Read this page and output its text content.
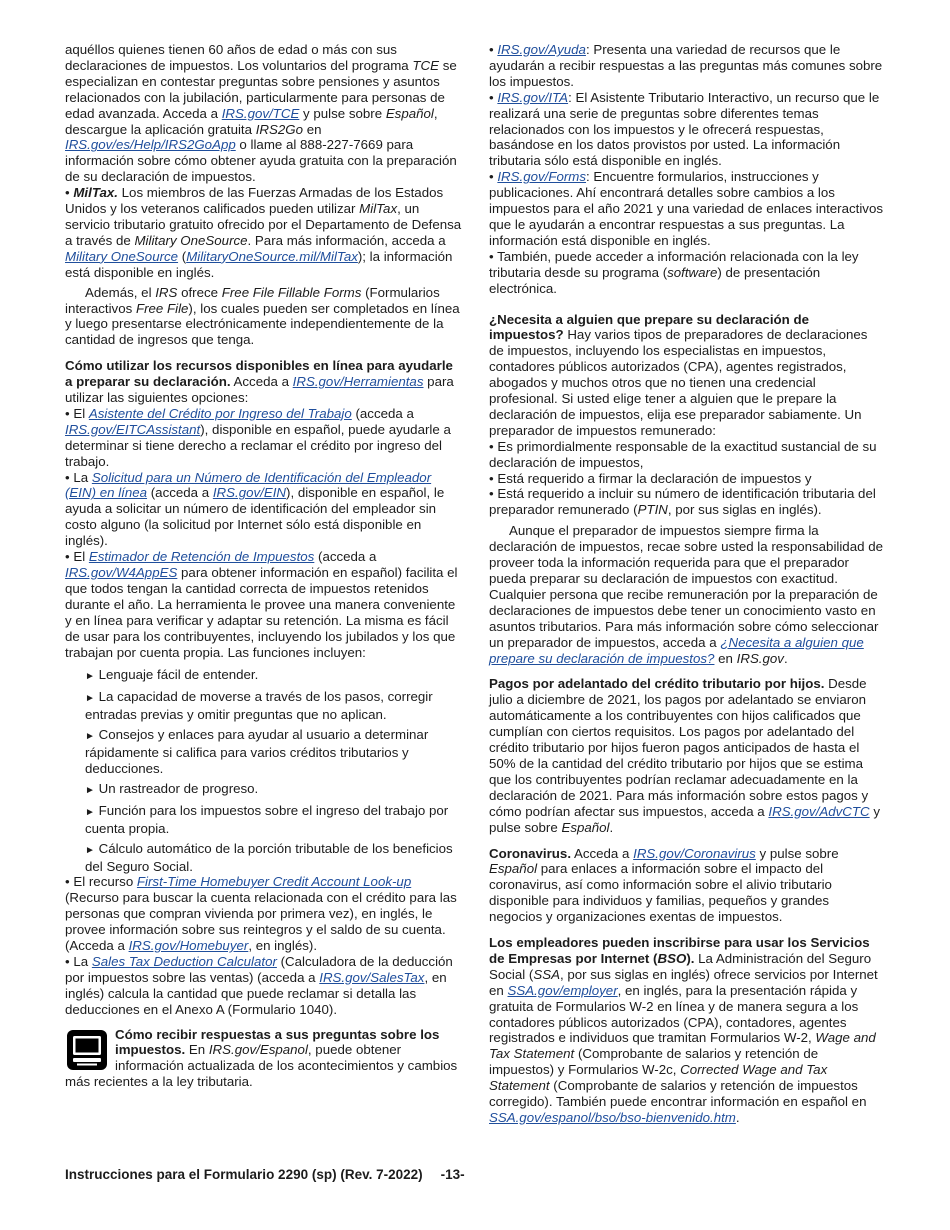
aquéllos quienes tienen 60 años de edad o más con sus declaraciones de impuestos. Los voluntarios del programa TCE se especializan en contestar preguntas sobre pensiones y asuntos relacionados con la jubilación, particularmente para personas de edad avanzada. Acceda a IRS.gov/TCE y pulse sobre Español, descargue la aplicación gratuita IRS2Go en IRS.gov/es/Help/IRS2GoApp o llame al 888-227-7669 para información sobre cómo obtener ayuda gratuita con la preparación de su declaración de impuestos.

• MilTax. Los miembros de las Fuerzas Armadas de los Estados Unidos y los veteranos calificados pueden utilizar MilTax, un servicio tributario gratuito ofrecido por el Departamento de Defensa a través de Military OneSource. Para más información, acceda a Military OneSource (MilitaryOneSource.mil/MilTax); la información está disponible en inglés.

Además, el IRS ofrece Free File Fillable Forms (Formularios interactivos Free File), los cuales pueden ser completados en línea y luego presentarse electrónicamente independientemente de la cantidad de ingresos que tenga.

Cómo utilizar los recursos disponibles en línea para ayudarle a preparar su declaración. Acceda a IRS.gov/Herramientas para utilizar las siguientes opciones:

• El Asistente del Crédito por Ingreso del Trabajo (acceda a IRS.gov/EITCAssistant), disponible en español, puede ayudarle a determinar si tiene derecho a reclamar el crédito por ingreso del trabajo.

• La Solicitud para un Número de Identificación del Empleador (EIN) en línea (acceda a IRS.gov/EIN), disponible en español, le ayuda a solicitar un número de identificación del empleador sin costo alguno (la solicitud por Internet sólo está disponible en inglés).

• El Estimador de Retención de Impuestos (acceda a IRS.gov/W4AppES para obtener información en español) facilita el que todos tengan la cantidad correcta de impuestos retenidos durante el año. La herramienta le provee una manera conveniente y en línea para verificar y adaptar su retención. La misma es fácil de usar para los contribuyentes, incluyendo los jubilados y los que trabajan por cuenta propia. Las funciones incluyen:

► Lenguaje fácil de entender.

► La capacidad de moverse a través de los pasos, corregir entradas previas y omitir preguntas que no aplican.

► Consejos y enlaces para ayudar al usuario a determinar rápidamente si califica para varios créditos tributarios y deducciones.

► Un rastreador de progreso.

► Función para los impuestos sobre el ingreso del trabajo por cuenta propia.

► Cálculo automático de la porción tributable de los beneficios del Seguro Social.

• El recurso First-Time Homebuyer Credit Account Look-up (Recurso para buscar la cuenta relacionada con el crédito para las personas que compran vivienda por primera vez), en inglés, le provee información sobre sus reintegros y el saldo de su cuenta. (Acceda a IRS.gov/Homebuyer, en inglés).

• La Sales Tax Deduction Calculator (Calculadora de la deducción por impuestos sobre las ventas) (acceda a IRS.gov/SalesTax, en inglés) calcula la cantidad que puede reclamar si detalla las deducciones en el Anexo A (Formulario 1040).

Cómo recibir respuestas a sus preguntas sobre los impuestos. En IRS.gov/Espanol, puede obtener información actualizada de los acontecimientos y cambios más recientes a la ley tributaria.

• IRS.gov/Ayuda: Presenta una variedad de recursos que le ayudarán a recibir respuestas a las preguntas más comunes sobre los impuestos.

• IRS.gov/ITA: El Asistente Tributario Interactivo, un recurso que le realizará una serie de preguntas sobre diferentes temas relacionados con los impuestos y le ofrecerá respuestas, basándose en los datos provistos por usted. La información tributaria sólo está disponible en inglés.

• IRS.gov/Forms: Encuentre formularios, instrucciones y publicaciones. Ahí encontrará detalles sobre cambios a los impuestos para el año 2021 y una variedad de enlaces interactivos que le ayudarán a encontrar respuestas a sus preguntas. La información está disponible en inglés.

• También, puede acceder a información relacionada con la ley tributaria desde su programa (software) de presentación electrónica.

¿Necesita a alguien que prepare su declaración de impuestos? Hay varios tipos de preparadores de declaraciones de impuestos, incluyendo los especialistas en impuestos, contadores públicos autorizados (CPA), agentes registrados, abogados y muchos otros que no tienen una credencial profesional. Si usted elige tener a alguien que le prepare la declaración de impuestos, elija ese preparador sabiamente. Un preparador de impuestos remunerado:

• Es primordialmente responsable de la exactitud sustancial de su declaración de impuestos,

• Está requerido a firmar la declaración de impuestos y

• Está requerido a incluir su número de identificación tributaria del preparador remunerado (PTIN, por sus siglas en inglés).

Aunque el preparador de impuestos siempre firma la declaración de impuestos, recae sobre usted la responsabilidad de proveer toda la información requerida para que el preparador pueda preparar su declaración de impuestos con exactitud. Cualquier persona que recibe remuneración por la preparación de declaraciones de impuestos debe tener un conocimiento vasto en asuntos tributarios. Para más información sobre cómo seleccionar un preparador de impuestos, acceda a ¿Necesita a alguien que prepare su declaración de impuestos? en IRS.gov.

Pagos por adelantado del crédito tributario por hijos. Desde julio a diciembre de 2021, los pagos por adelantado se enviaron automáticamente a los contribuyentes con hijos calificados que cumplían con ciertos requisitos. Los pagos por adelantado del crédito tributario por hijos fueron pagos anticipados de hasta el 50% de la cantidad del crédito tributario por hijos que se estima que los contribuyentes podrían reclamar adecuadamente en la declaración de 2021. Para más información sobre estos pagos y cómo podrían afectar sus impuestos, acceda a IRS.gov/AdvCTC y pulse sobre Español.

Coronavirus. Acceda a IRS.gov/Coronavirus y pulse sobre Español para enlaces a información sobre el impacto del coronavirus, así como información sobre el alivio tributario disponible para individuos y familias, pequeños y grandes negocios y organizaciones exentas de impuestos.

Los empleadores pueden inscribirse para usar los Servicios de Empresas por Internet (BSO). La Administración del Seguro Social (SSA, por sus siglas en inglés) ofrece servicios por Internet en SSA.gov/employer, en inglés, para la presentación rápida y gratuita de Formularios W-2 en línea y de manera segura a los contadores públicos autorizados (CPA), contadores, agentes registrados e individuos que tramitan Formularios W-2, Wage and Tax Statement (Comprobante de salarios y retención de impuestos) y Formularios W-2c, Corrected Wage and Tax Statement (Comprobante de salarios y retención de impuestos corregido). También puede encontrar información en español en SSA.gov/espanol/bso/bso-bienvenido.htm.

Instrucciones para el Formulario 2290 (sp) (Rev. 7-2022) -13-
